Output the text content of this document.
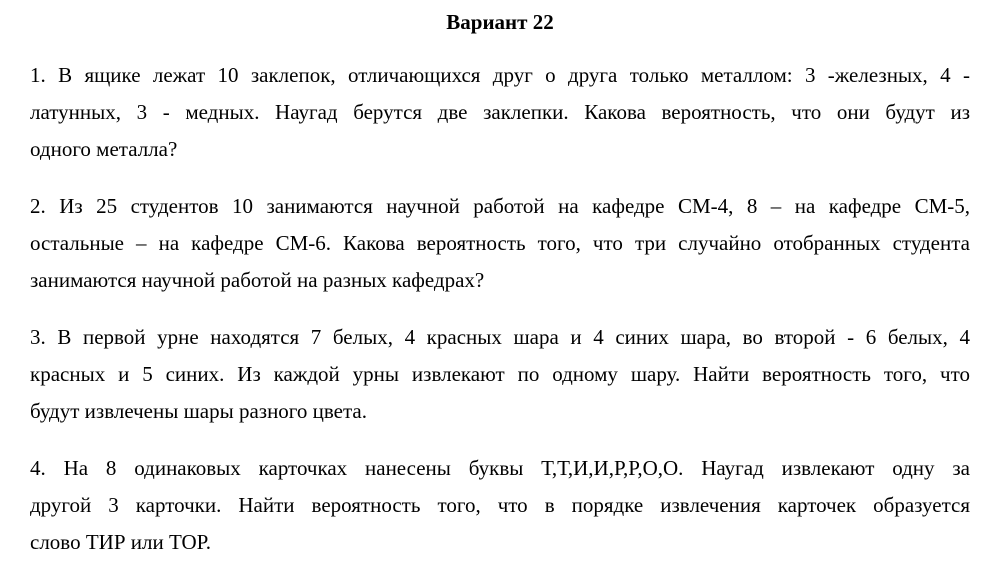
Вариант 22
1. В ящике лежат 10 заклепок, отличающихся друг о друга только металлом: 3 -железных, 4 -
латунных, 3 - медных. Наугад берутся две заклепки. Какова вероятность, что они будут из
одного металла?
2. Из 25 студентов 10 занимаются научной работой на кафедре СМ-4, 8 – на кафедре СМ-5,
остальные – на кафедре СМ-6. Какова вероятность того, что три случайно отобранных студента
занимаются научной работой на разных кафедрах?
3. В первой урне находятся 7 белых, 4 красных шара и 4 синих шара, во второй - 6 белых, 4
красных и 5 синих. Из каждой урны извлекают по одному шару. Найти вероятность того, что
будут извлечены шары разного цвета.
4. На 8 одинаковых карточках нанесены буквы Т,Т,И,И,Р,Р,О,О. Наугад извлекают одну за
другой 3 карточки. Найти вероятность того, что в порядке извлечения карточек образуется
слово ТИР или ТОР.
